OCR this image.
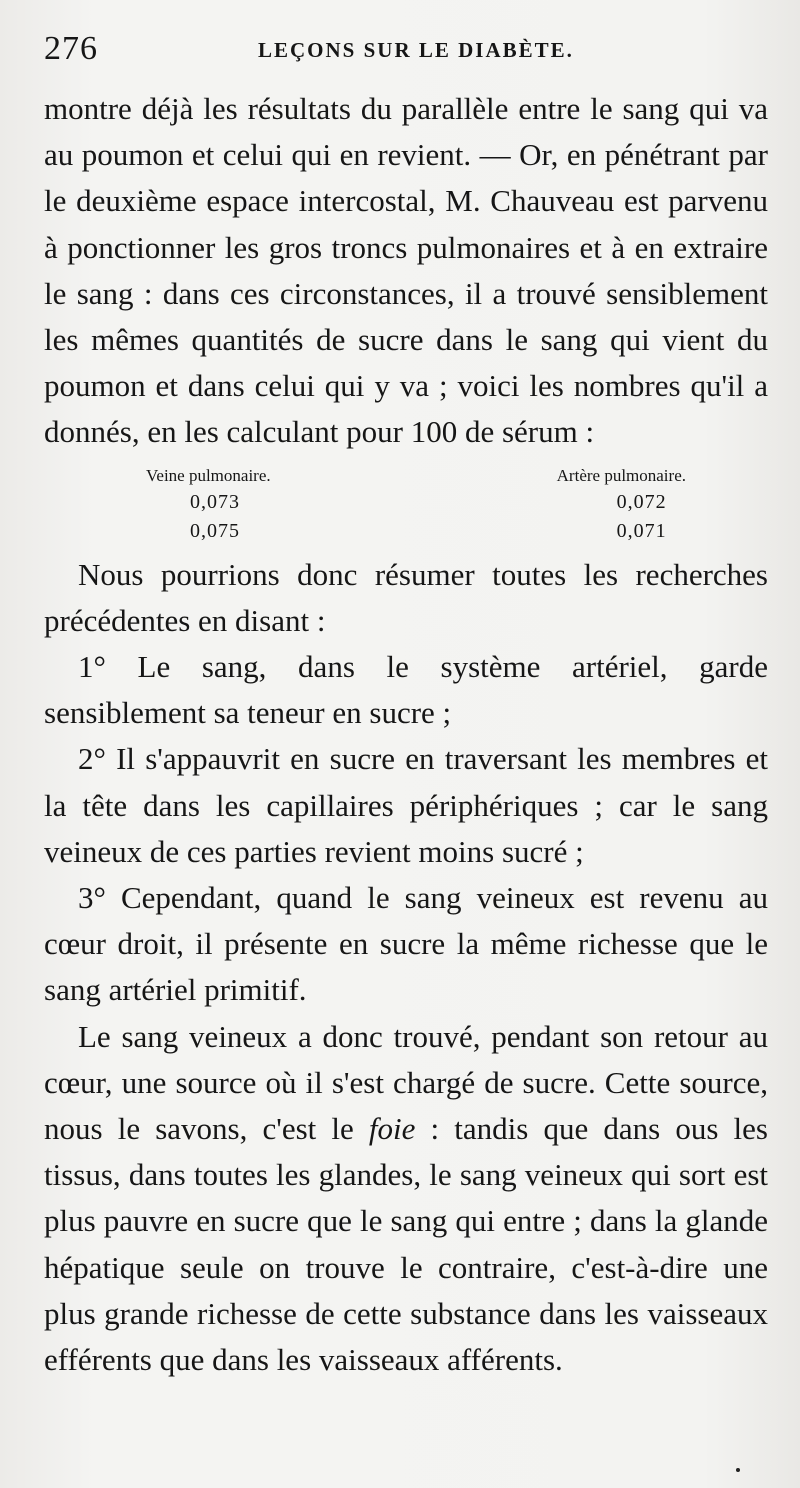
276	LEÇONS SUR LE DIABÈTE.

montre déjà les résultats du parallèle entre le sang qui va au poumon et celui qui en revient. — Or, en pénétrant par le deuxième espace intercostal, M. Chauveau est parvenu à ponctionner les gros troncs pulmonaires et à en extraire le sang : dans ces circonstances, il a trouvé sensiblement les mêmes quantités de sucre dans le sang qui vient du poumon et dans celui qui y va ; voici les nombres qu'il a donnés, en les calculant pour 100 de sérum :

Veine pulmonaire.
0,073
0,075
Artère pulmonaire.
0,072
0,071

Nous pourrions donc résumer toutes les recherches précédentes en disant :

1° Le sang, dans le système artériel, garde sensiblement sa teneur en sucre ;

2° Il s'appauvrit en sucre en traversant les membres et la tête dans les capillaires périphériques ; car le sang veineux de ces parties revient moins sucré ;

3° Cependant, quand le sang veineux est revenu au cœur droit, il présente en sucre la même richesse que le sang artériel primitif.

Le sang veineux a donc trouvé, pendant son retour au cœur, une source où il s'est chargé de sucre. Cette source, nous le savons, c'est le foie : tandis que dans ous les tissus, dans toutes les glandes, le sang veineux qui sort est plus pauvre en sucre que le sang qui entre ; dans la glande hépatique seule on trouve le contraire, c'est-à-dire une plus grande richesse de cette substance dans les vaisseaux efférents que dans les vaisseaux afférents.
